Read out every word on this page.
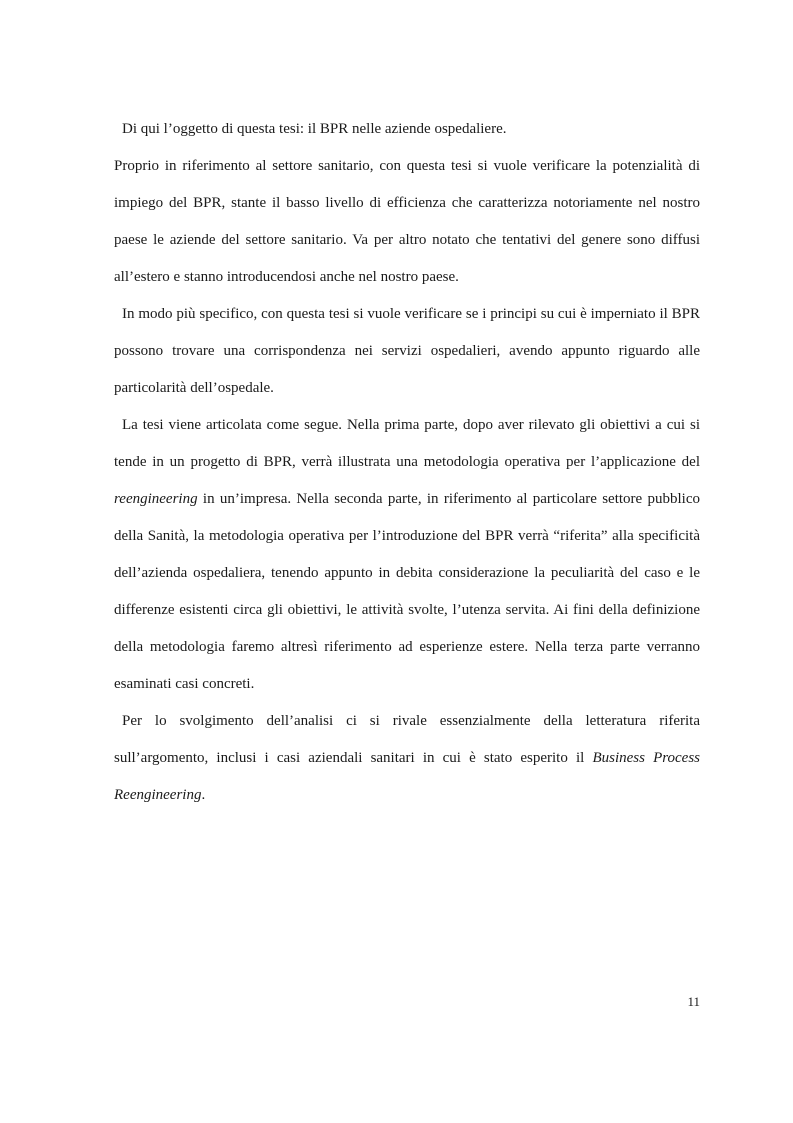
Di qui l’oggetto di questa tesi: il BPR nelle aziende ospedaliere.

Proprio in riferimento al settore sanitario, con questa tesi si vuole verificare la potenzialità di impiego del BPR, stante il basso livello di efficienza che caratterizza notoriamente nel nostro paese le aziende del settore sanitario. Va per altro notato che tentativi del genere sono diffusi all’estero e stanno introducendosi anche nel nostro paese.

In modo più specifico, con questa tesi si vuole verificare se i principi su cui è imperniato il BPR possono trovare una corrispondenza nei servizi ospedalieri, avendo appunto riguardo alle particolarità dell’ospedale.

La tesi viene articolata come segue. Nella prima parte, dopo aver rilevato gli obiettivi a cui si tende in un progetto di BPR, verrà illustrata una metodologia operativa per l’applicazione del reengineering in un’impresa. Nella seconda parte, in riferimento al particolare settore pubblico della Sanità, la metodologia operativa per l’introduzione del BPR verrà “riferita” alla specificità dell’azienda ospedaliera, tenendo appunto in debita considerazione la peculiarità del caso e le differenze esistenti circa gli obiettivi, le attività svolte, l’utenza servita. Ai fini della definizione della metodologia faremo altresì riferimento ad esperienze estere. Nella terza parte verranno esaminati casi concreti.

Per lo svolgimento dell’analisi ci si rivale essenzialmente della letteratura riferita sull’argomento, inclusi i casi aziendali sanitari in cui è stato esperito il Business Process Reengineering.

11
